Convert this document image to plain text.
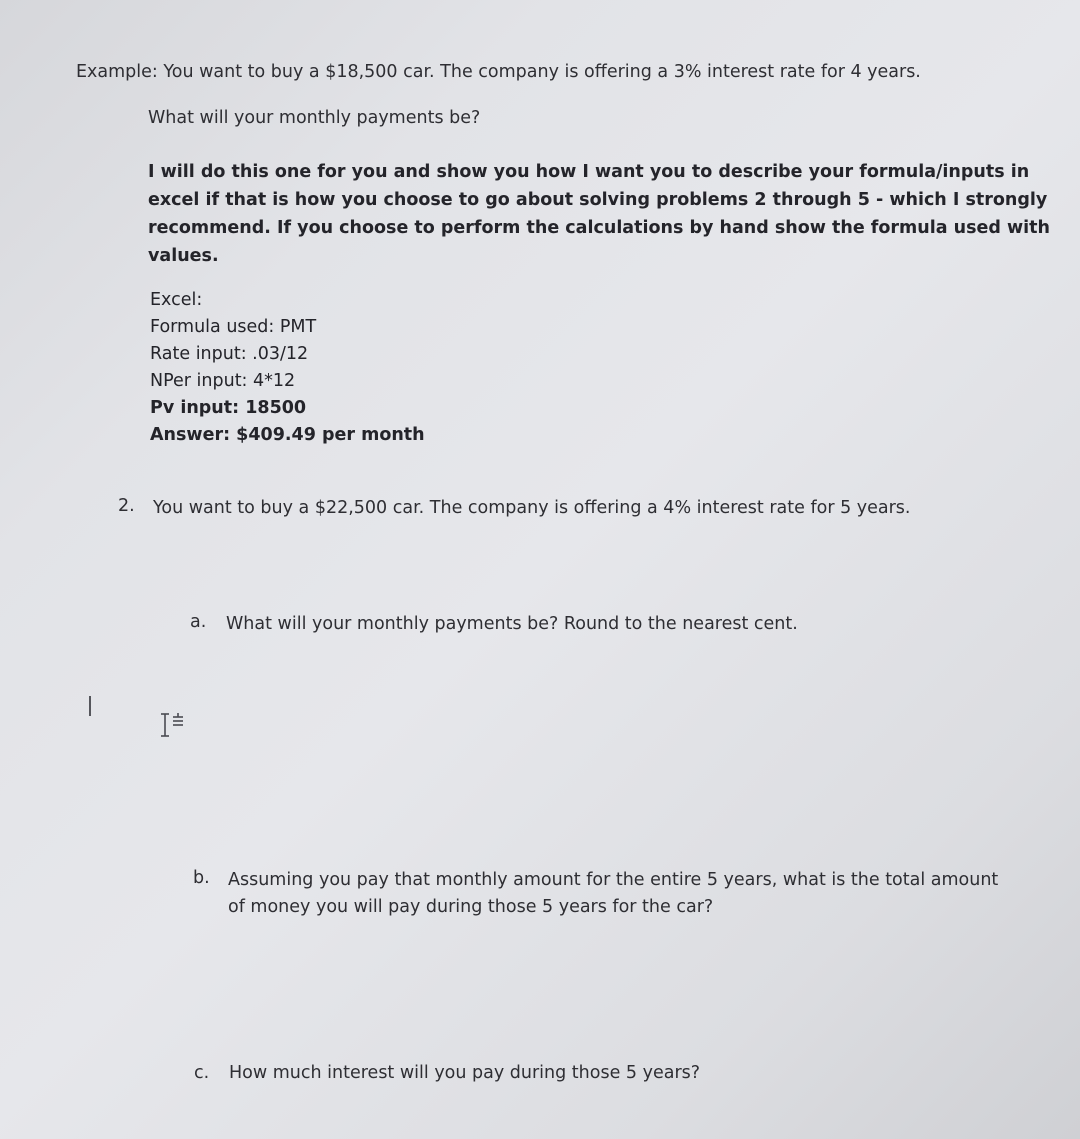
Example: You want to buy a $18,500 car. The company is offering a 3% interest rate for 4 years.
What will your monthly payments be?
I will do this one for you and show you how I want you to describe your formula/inputs in
excel if that is how you choose to go about solving problems 2 through 5 - which I strongly
recommend. If you choose to perform the calculations by hand show the formula used with
values.
Excel:
Formula used: PMT
Rate input: .03/12
NPer input: 4*12
Pv input: 18500
Answer: $409.49 per month
2. You want to buy a $22,500 car. The company is offering a 4% interest rate for 5 years.
a. What will your monthly payments be? Round to the nearest cent.
b. Assuming you pay that monthly amount for the entire 5 years, what is the total amount
of money you will pay during those 5 years for the car?
c. How much interest will you pay during those 5 years?
